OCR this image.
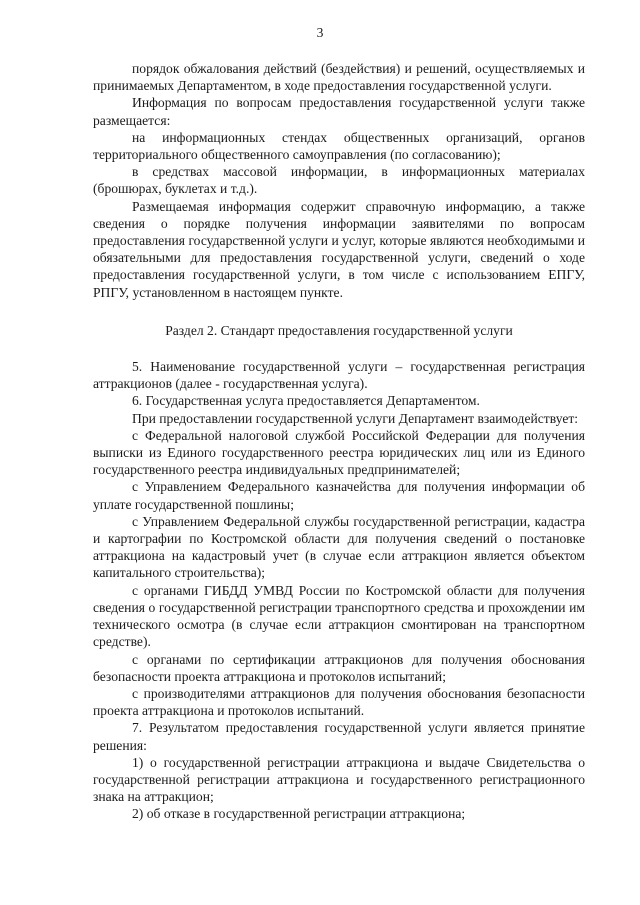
3

порядок обжалования действий (бездействия) и решений, осуществляемых и принимаемых Департаментом, в ходе предоставления государственной услуги.

Информация по вопросам предоставления государственной услуги также размещается:

на информационных стендах общественных организаций, органов территориального общественного самоуправления (по согласованию);

в средствах массовой информации, в информационных материалах (брошюрах, буклетах и т.д.).

Размещаемая информация содержит справочную информацию, а также сведения о порядке получения информации заявителями по вопросам предоставления государственной услуги и услуг, которые являются необходимыми и обязательными для предоставления государственной услуги, сведений о ходе предоставления государственной услуги, в том числе с использованием ЕПГУ, РПГУ, установленном в настоящем пункте.

Раздел 2. Стандарт предоставления государственной услуги

5. Наименование государственной услуги – государственная регистрация аттракционов (далее - государственная услуга).

6. Государственная услуга предоставляется Департаментом.

При предоставлении государственной услуги Департамент взаимодействует:

с Федеральной налоговой службой Российской Федерации для получения выписки из Единого государственного реестра юридических лиц или из Единого государственного реестра индивидуальных предпринимателей;

с Управлением Федерального казначейства для получения информации об уплате государственной пошлины;

с Управлением Федеральной службы государственной регистрации, кадастра и картографии по Костромской области для получения сведений о постановке аттракциона на кадастровый учет (в случае если аттракцион является объектом капитального строительства);

с органами ГИБДД УМВД России по Костромской области для получения сведения о государственной регистрации транспортного средства и прохождении им технического осмотра (в случае если аттракцион смонтирован на транспортном средстве).

с органами по сертификации аттракционов для получения обоснования безопасности проекта аттракциона и протоколов испытаний;

с производителями аттракционов для получения обоснования безопасности проекта аттракциона и протоколов испытаний.

7. Результатом предоставления государственной услуги является принятие решения:

1) о государственной регистрации аттракциона и выдаче Свидетельства о государственной регистрации аттракциона и государственного регистрационного знака на аттракцион;

2) об отказе в государственной регистрации аттракциона;
